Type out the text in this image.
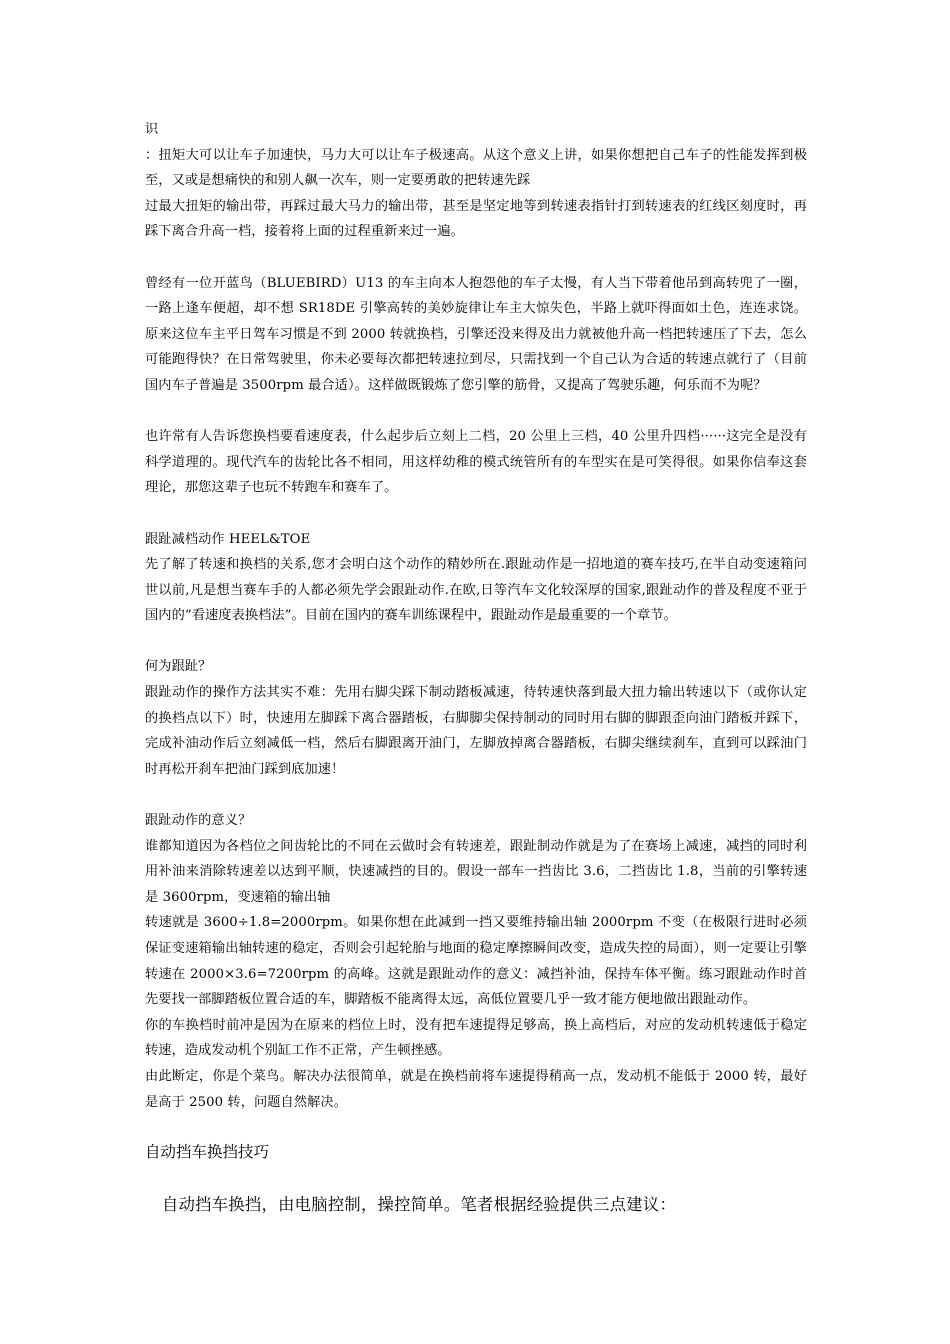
识

：扭矩大可以让车子加速快，马力大可以让车子极速高。从这个意义上讲，如果你想把自己车子的性能发挥到极至，又或是想痛快的和别人飙一次车，则一定要勇敢的把转速先踩

过最大扭矩的输出带，再踩过最大马力的输出带，甚至是坚定地等到转速表指针打到转速表的红线区刻度时，再踩下离合升高一档，接着将上面的过程重新来过一遍。

曾经有一位开蓝鸟（BLUEBIRD）U13 的车主向本人抱怨他的车子太慢，有人当下带着他吊到高转兜了一圈，一路上逢车便超，却不想 SR18DE 引擎高转的美妙旋律让车主大惊失色，半路上就吓得面如土色，连连求饶。原来这位车主平日驾车习惯是不到 2000 转就换档，引擎还没来得及出力就被他升高一档把转速压了下去，怎么可能跑得快？在日常驾驶里，你未必要每次都把转速拉到尽，只需找到一个自己认为合适的转速点就行了（目前国内车子普遍是 3500rpm 最合适）。这样做既锻炼了您引擎的筋骨，又提高了驾驶乐趣，何乐而不为呢？

也许常有人告诉您换档要看速度表，什么起步后立刻上二档，20 公里上三档，40 公里升四档······这完全是没有科学道理的。现代汽车的齿轮比各不相同，用这样幼稚的模式统管所有的车型实在是可笑得很。如果你信奉这套理论，那您这辈子也玩不转跑车和赛车了。

跟趾减档动作 HEEL&TOE

先了解了转速和换档的关系,您才会明白这个动作的精妙所在.跟趾动作是一招地道的赛车技巧,在半自动变速箱问世以前,凡是想当赛车手的人都必须先学会跟趾动作.在欧,日等汽车文化较深厚的国家,跟趾动作的普及程度不亚于国内的“看速度表换档法”。目前在国内的赛车训练课程中，跟趾动作是最重要的一个章节。

何为跟趾？

跟趾动作的操作方法其实不难：先用右脚尖踩下制动踏板减速，待转速快落到最大扭力输出转速以下（或你认定的换档点以下）时，快速用左脚踩下离合器踏板，右脚脚尖保持制动的同时用右脚的脚跟歪向油门踏板并踩下，完成补油动作后立刻减低一档，然后右脚跟离开油门，左脚放掉离合器踏板，右脚尖继续刹车，直到可以踩油门时再松开刹车把油门踩到底加速！

跟趾动作的意义？

谁都知道因为各档位之间齿轮比的不同在云做时会有转速差，跟趾制动作就是为了在赛场上减速，减挡的同时利用补油来消除转速差以达到平顺，快速减挡的目的。假设一部车一挡齿比 3.6，二挡齿比 1.8，当前的引擎转速是 3600rpm，变速箱的输出轴

转速就是 3600÷1.8=2000rpm。如果你想在此减到一挡又要维持输出轴 2000rpm 不变（在极限行进时必须保证变速箱输出轴转速的稳定，否则会引起轮胎与地面的稳定摩擦瞬间改变，造成失控的局面），则一定要让引擎转速在 2000×3.6=7200rpm 的高峰。这就是跟趾动作的意义：减挡补油，保持车体平衡。练习跟趾动作时首先要找一部脚踏板位置合适的车，脚踏板不能离得太远，高低位置要几乎一致才能方便地做出跟趾动作。

你的车换档时前冲是因为在原来的档位上时，没有把车速提得足够高，换上高档后，对应的发动机转速低于稳定转速，造成发动机个别缸工作不正常，产生顿挫感。

由此断定，你是个菜鸟。解决办法很简单，就是在换档前将车速提得稍高一点，发动机不能低于 2000 转，最好是高于 2500 转，问题自然解决。

自动挡车换挡技巧
自动挡车换挡，由电脑控制，操控简单。笔者根据经验提供三点建议：
